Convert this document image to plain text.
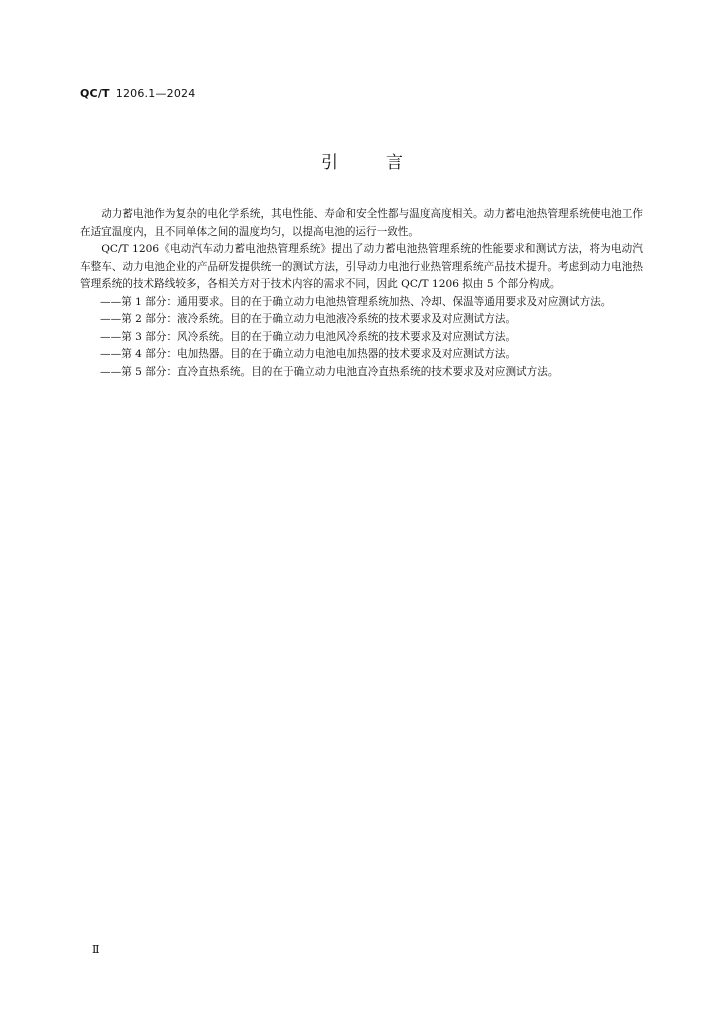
QC/T 1206.1—2024
引	言

动力蓄电池作为复杂的电化学系统，其电性能、寿命和安全性都与温度高度相关。动力蓄电池热管理系统使电池工作在适宜温度内，且不同单体之间的温度均匀，以提高电池的运行一致性。

QC/T 1206《电动汽车动力蓄电池热管理系统》提出了动力蓄电池热管理系统的性能要求和测试方法，将为电动汽车整车、动力电池企业的产品研发提供统一的测试方法，引导动力电池行业热管理系统产品技术提升。考虑到动力电池热管理系统的技术路线较多，各相关方对于技术内容的需求不同，因此 QC/T 1206 拟由 5 个部分构成。

——第 1 部分：通用要求。目的在于确立动力电池热管理系统加热、冷却、保温等通用要求及对应测试方法。

——第 2 部分：液冷系统。目的在于确立动力电池液冷系统的技术要求及对应测试方法。

——第 3 部分：风冷系统。目的在于确立动力电池风冷系统的技术要求及对应测试方法。

——第 4 部分：电加热器。目的在于确立动力电池电加热器的技术要求及对应测试方法。

——第 5 部分：直冷直热系统。目的在于确立动力电池直冷直热系统的技术要求及对应测试方法。

Ⅱ
